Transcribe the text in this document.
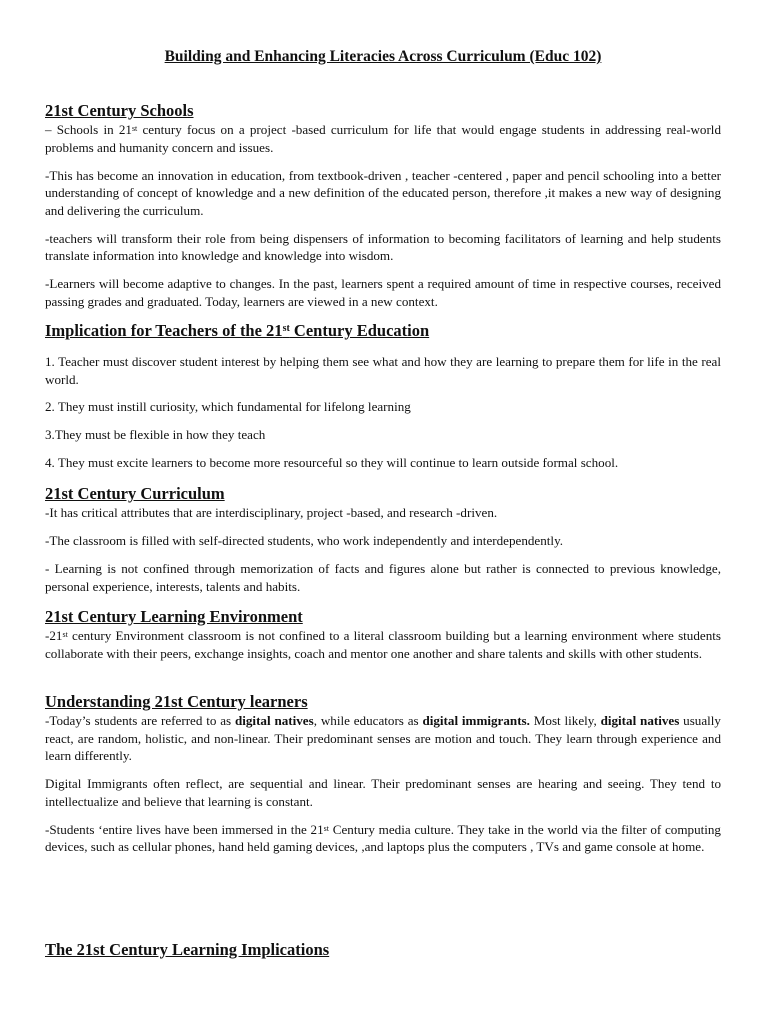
Building and Enhancing Literacies Across Curriculum (Educ 102)
21st Century Schools

– Schools in 21st century focus on a project -based curriculum for life that would engage students in addressing real-world problems and humanity concern and issues.

-This has become an innovation in education, from textbook-driven , teacher -centered , paper and pencil schooling into a better understanding of concept of knowledge and a new definition of the educated person, therefore ,it makes a new way of designing and delivering the curriculum.

-teachers will transform their role from being dispensers of information to becoming facilitators of learning and help students translate information into knowledge and knowledge into wisdom.

-Learners will become adaptive to changes. In the past, learners spent a required amount of time in respective courses, received passing grades and graduated. Today, learners are viewed in a new context.

Implication for Teachers of the 21st Century Education

1. Teacher must discover student interest by helping them see what and how they are learning to prepare them for life in the real world.

2. They must instill curiosity, which fundamental for lifelong learning

3.They must be flexible in how they teach

4. They must excite learners to become more resourceful so they will continue to learn outside formal school.

21st Century Curriculum

-It has critical attributes that are interdisciplinary, project -based, and research -driven.

-The classroom is filled with self-directed students, who work independently and interdependently.

- Learning is not confined through memorization of facts and figures alone but rather is connected to previous knowledge, personal experience, interests, talents and habits.

21st Century Learning Environment

-21st century Environment classroom is not confined to a literal classroom building but a learning environment where students collaborate with their peers, exchange insights, coach and mentor one another and share talents and skills with other students.

Understanding 21st Century learners

-Today’s students are referred to as digital natives, while educators as digital immigrants. Most likely, digital natives usually react, are random, holistic, and non-linear. Their predominant senses are motion and touch. They learn through experience and learn differently.

Digital Immigrants often reflect, are sequential and linear. Their predominant senses are hearing and seeing. They tend to intellectualize and believe that learning is constant.

-Students ‘entire lives have been immersed in the 21st Century media culture. They take in the world via the filter of computing devices, such as cellular phones, hand held gaming devices, ,and laptops plus the computers , TVs and game console at home.

The 21st Century Learning Implications
